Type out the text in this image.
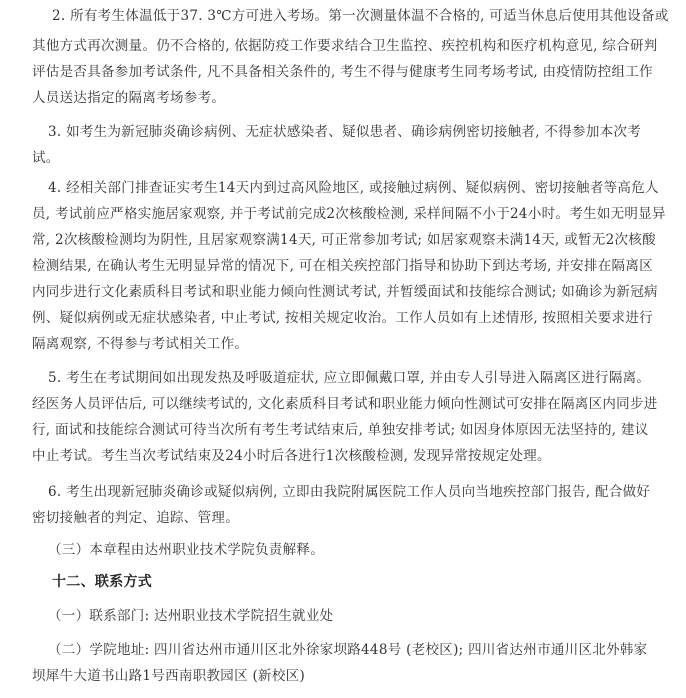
2. 所有考生体温低于37. 3℃方可进入考场。第一次测量体温不合格的, 可适当休息后使用其他设备或
其他方式再次测量。仍不合格的, 依据防疫工作要求结合卫生监控、疾控机构和医疗机构意见, 综合研判
评估是否具备参加考试条件, 凡不具备相关条件的, 考生不得与健康考生同考场考试, 由疫情防控组工作
人员送达指定的隔离考场参考。
3. 如考生为新冠肺炎确诊病例、无症状感染者、疑似患者、确诊病例密切接触者, 不得参加本次考
试。
4. 经相关部门排查证实考生14天内到过高风险地区, 或接触过病例、疑似病例、密切接触者等高危人
员, 考试前应严格实施居家观察, 并于考试前完成2次核酸检测, 采样间隔不小于24小时。考生如无明显异
常, 2次核酸检测均为阴性, 且居家观察满14天, 可正常参加考试; 如居家观察未满14天, 或暂无2次核酸
检测结果, 在确认考生无明显异常的情况下, 可在相关疾控部门指导和协助下到达考场, 并安排在隔离区
内同步进行文化素质科目考试和职业能力倾向性测试考试, 并暂缓面试和技能综合测试; 如确诊为新冠病
例、疑似病例或无症状感染者, 中止考试, 按相关规定收治。工作人员如有上述情形, 按照相关要求进行
隔离观察, 不得参与考试相关工作。
5. 考生在考试期间如出现发热及呼吸道症状, 应立即佩戴口罩, 并由专人引导进入隔离区进行隔离。
经医务人员评估后, 可以继续考试的, 文化素质科目考试和职业能力倾向性测试可安排在隔离区内同步进
行, 面试和技能综合测试可待当次所有考生考试结束后, 单独安排考试; 如因身体原因无法坚持的, 建议
中止考试。考生当次考试结束及24小时后各进行1次核酸检测, 发现异常按规定处理。
6. 考生出现新冠肺炎确诊或疑似病例, 立即由我院附属医院工作人员向当地疾控部门报告, 配合做好
密切接触者的判定、追踪、管理。
（三）本章程由达州职业技术学院负责解释。
十二、联系方式
（一）联系部门: 达州职业技术学院招生就业处
（二）学院地址: 四川省达州市通川区北外徐家坝路448号 (老校区); 四川省达州市通川区北外韩家
坝犀牛大道书山路1号西南职教园区 (新校区)
